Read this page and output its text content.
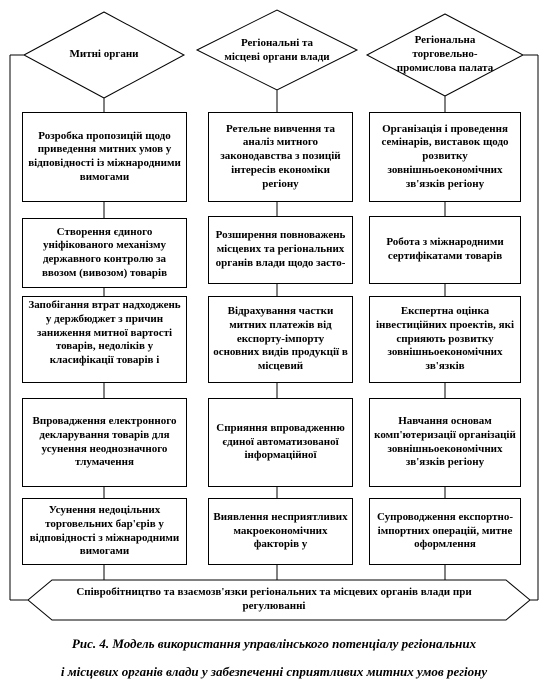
Митні органи
Регіональні та місцеві органи влади
Регіональна торговельно-промислова палата
Розробка пропозицій щодо приведення митних умов у відповідності із міжнародними вимогами
Створення єдиного уніфікованого механізму державного контролю за ввозом (вивозом) товарів
Запобігання втрат надходжень у держбюджет з причин заниження митної вартості товарів, недоліків у класифікації товарів і
Впровадження електронного декларування товарів для усунення неоднозначного тлумачення
Усунення недоцільних торговельних бар'єрів у відповідності з міжнародними вимогами
Ретельне вивчення та аналіз митного законодавства з позицій інтересів економіки регіону
Розширення повноважень місцевих та регіональних органів влади щодо засто-
Відрахування частки митних платежів від експорту-імпорту основних видів продукції в місцевий
Сприяння впровадженню єдиної автоматизованої інформаційної
Виявлення несприятливих макроекономічних факторів у
Організація і проведення семінарів, виставок щодо розвитку зовнішньоекономічних зв'язків регіону
Робота з міжнародними сертифікатами товарів
Експертна оцінка інвестиційних проектів, які сприяють розвитку зовнішньоекономічних зв'язків
Навчання основам комп'ютеризації організацій зовнішньоекономічних зв'язків регіону
Супроводження експортно-імпортних операцій, митне оформлення
Співробітництво та взаємозв'язки регіональних та місцевих органів влади при регулюванні
Рис. 4. Модель використання управлінського потенціалу регіональних
і місцевих органів влади у забезпеченні сприятливих митних умов регіону
